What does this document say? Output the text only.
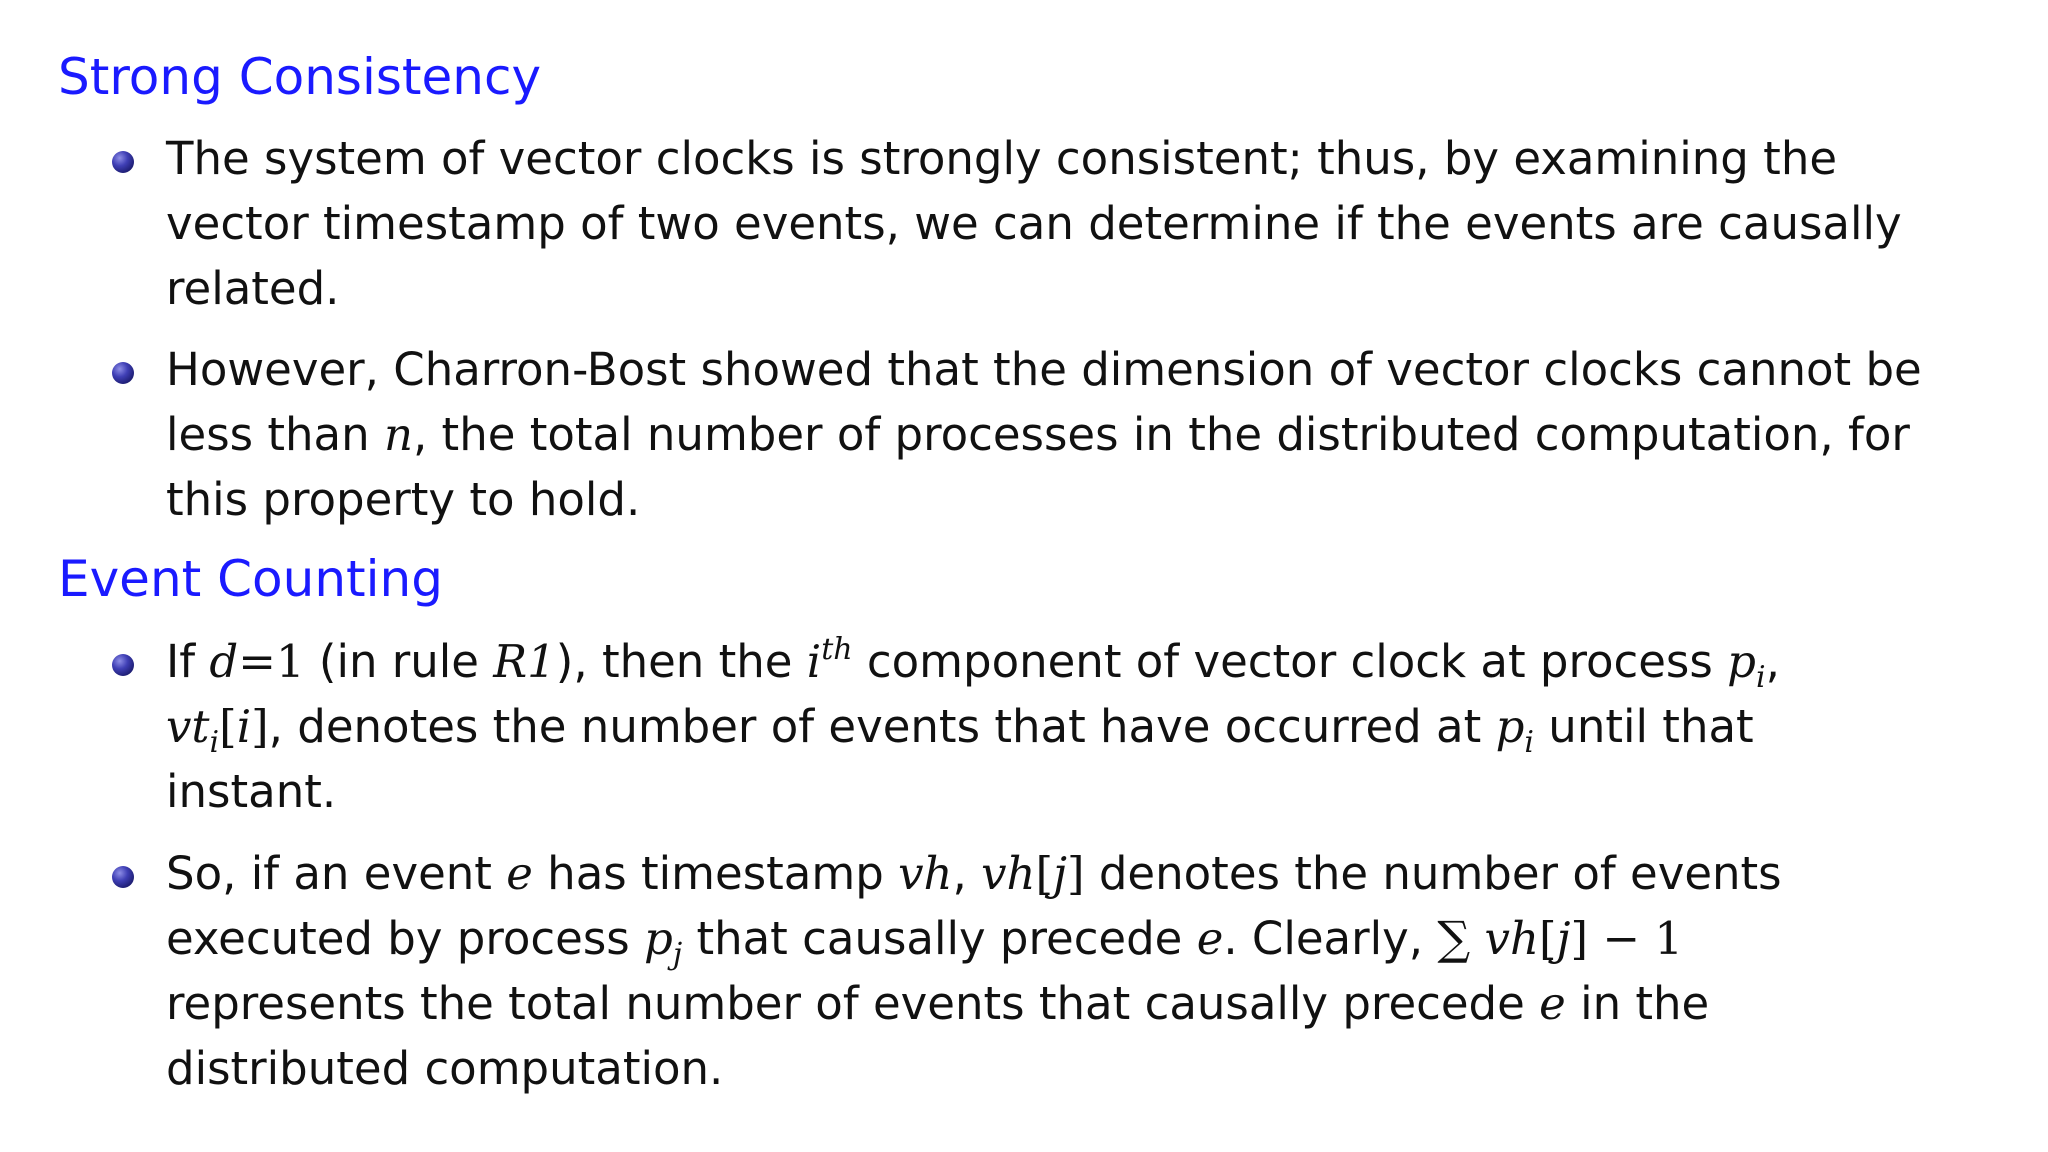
Strong Consistency
The system of vector clocks is strongly consistent; thus, by examining the
vector timestamp of two events, we can determine if the events are causally
related.
However, Charron-Bost showed that the dimension of vector clocks cannot be
less than n, the total number of processes in the distributed computation, for
this property to hold.
Event Counting
If d=1 (in rule R1), then the $i^{th}$ component of vector clock at process $p_i$,
$vt_i[i]$, denotes the number of events that have occurred at $p_i$ until that
instant.
So, if an event e has timestamp vh, vh[j] denotes the number of events
executed by process $p_j$ that causally precede e. Clearly, ∑ vh[j] − 1
represents the total number of events that causally precede e in the
distributed computation.
